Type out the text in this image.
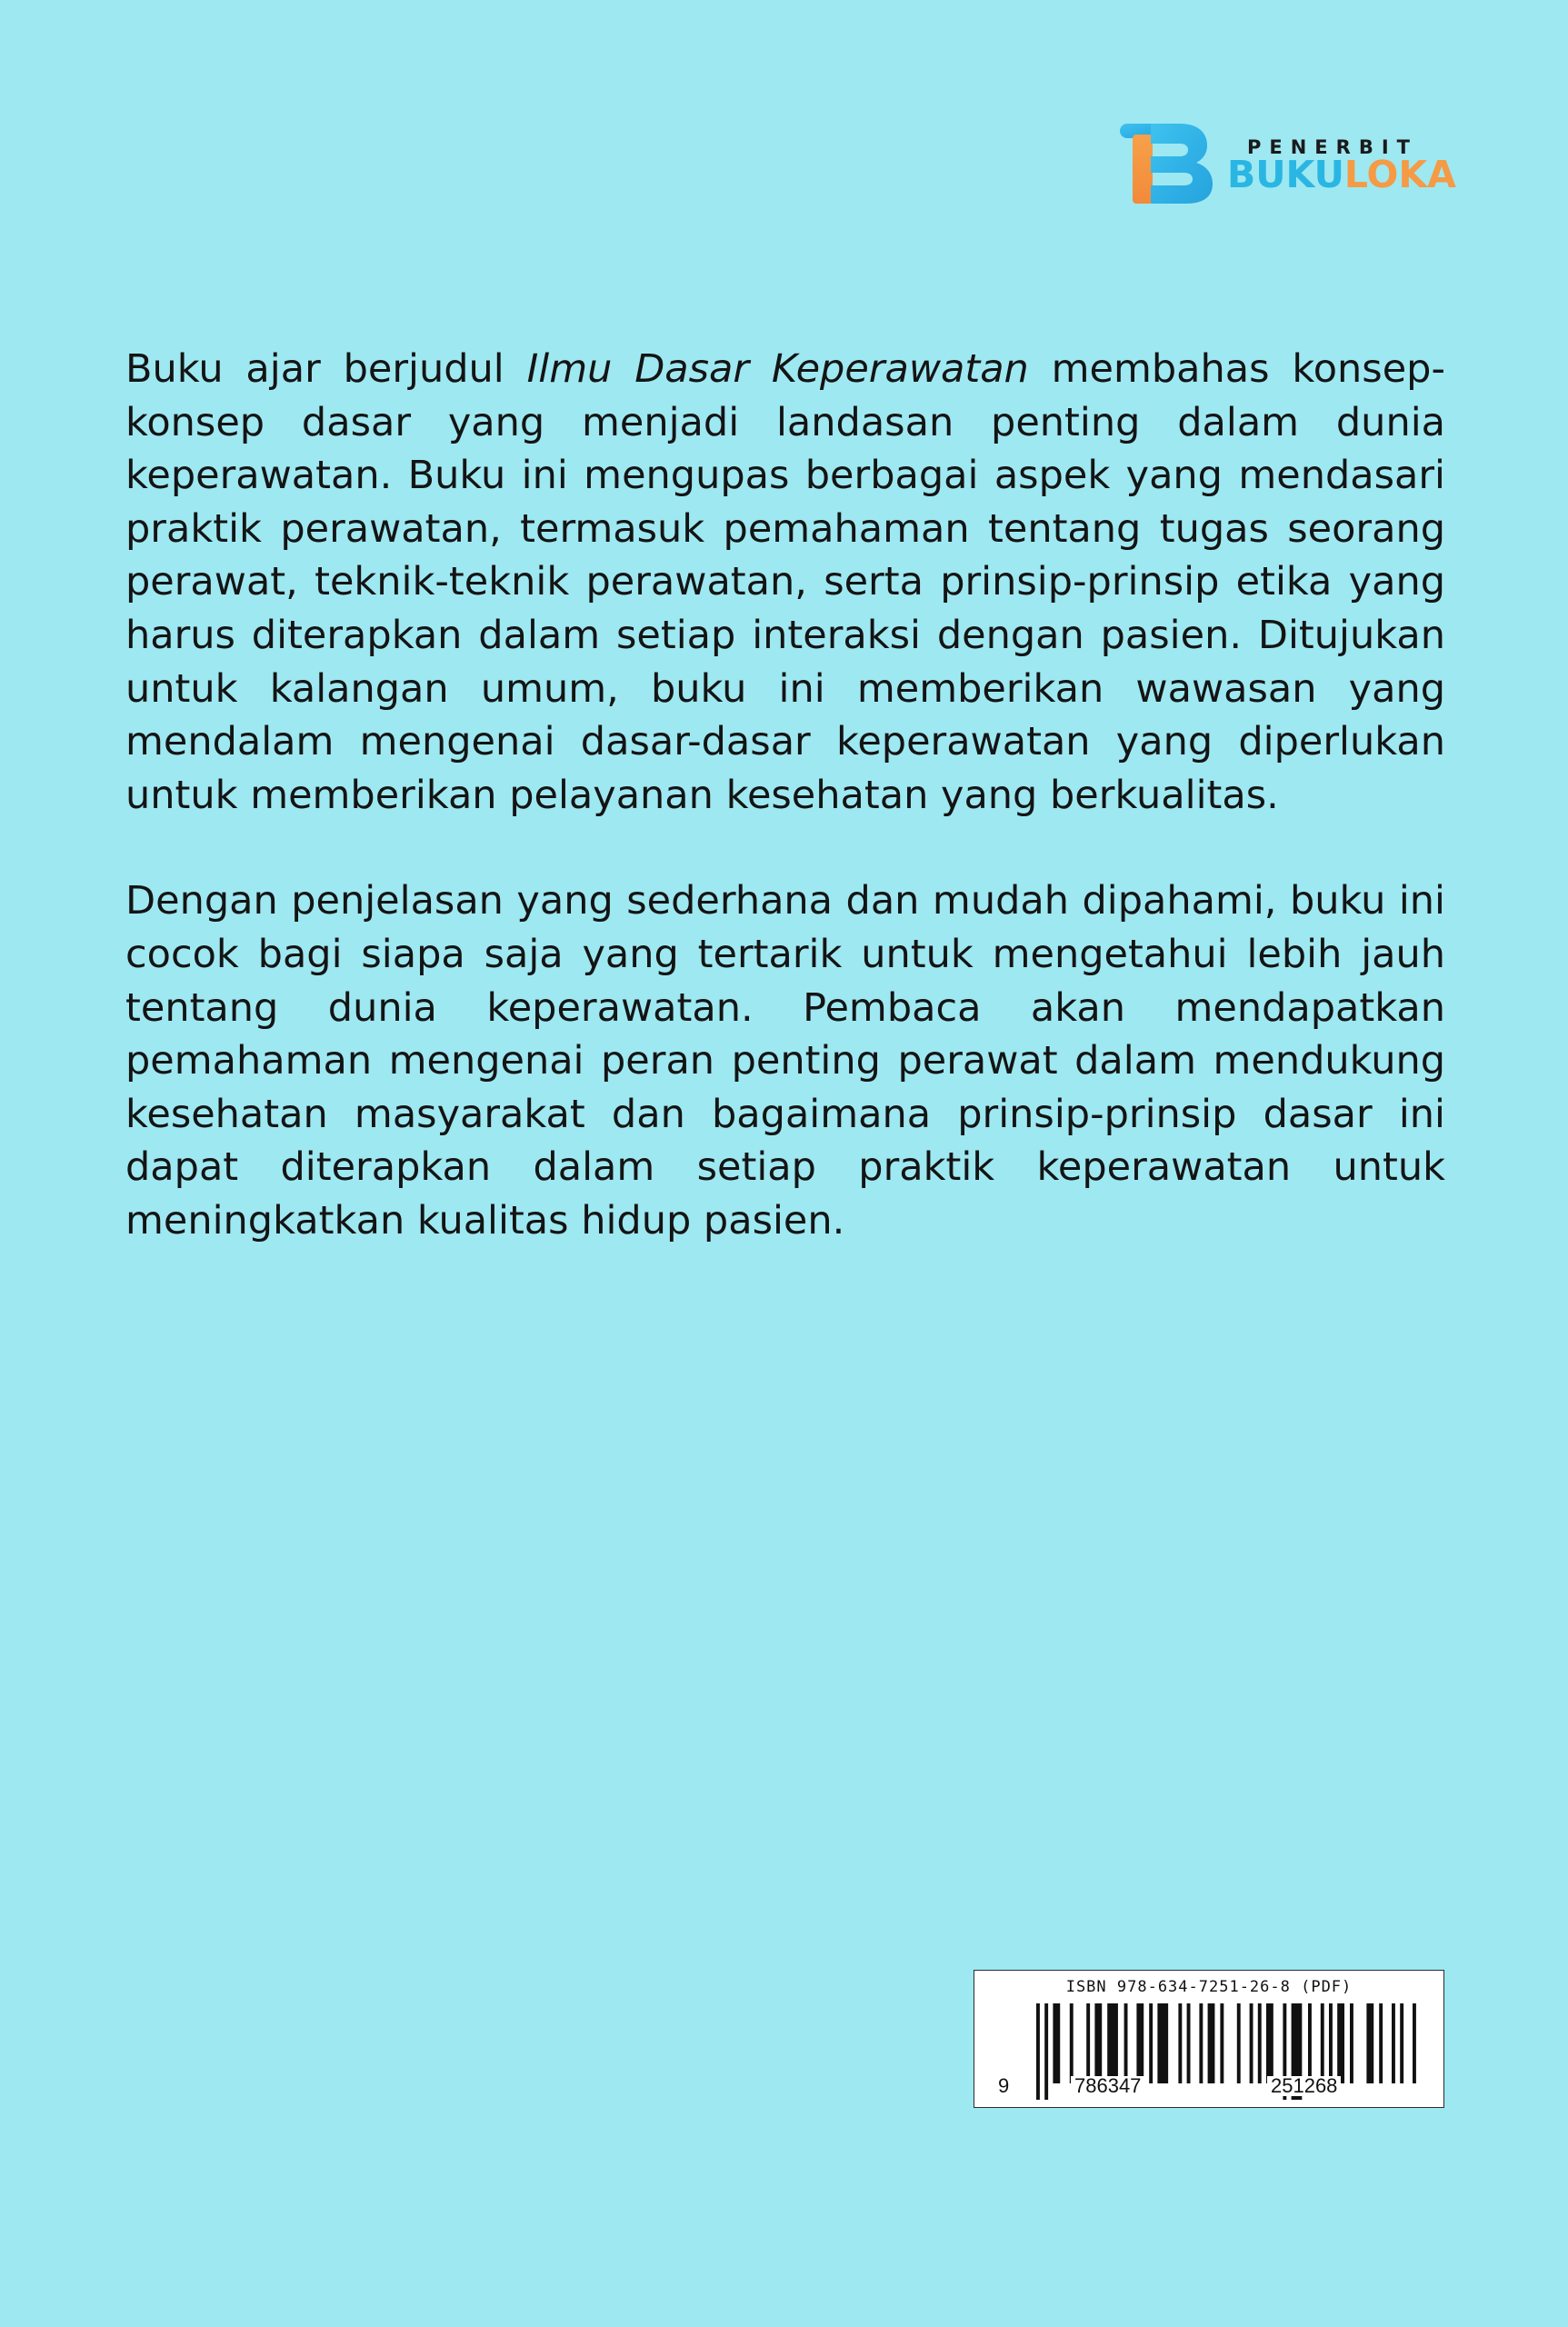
PENERBIT
BUKULOKA

Buku ajar berjudul Ilmu Dasar Keperawatan membahas konsep-konsep dasar yang menjadi landasan penting dalam dunia keperawatan. Buku ini mengupas berbagai aspek yang mendasari praktik perawatan, termasuk pemahaman tentang tugas seorang perawat, teknik-teknik perawatan, serta prinsip-prinsip etika yang harus diterapkan dalam setiap interaksi dengan pasien. Ditujukan untuk kalangan umum, buku ini memberikan wawasan yang mendalam mengenai dasar-dasar keperawatan yang diperlukan untuk memberikan pelayanan kesehatan yang berkualitas.

Dengan penjelasan yang sederhana dan mudah dipahami, buku ini cocok bagi siapa saja yang tertarik untuk mengetahui lebih jauh tentang dunia keperawatan. Pembaca akan mendapatkan pemahaman mengenai peran penting perawat dalam mendukung kesehatan masyarakat dan bagaimana prinsip-prinsip dasar ini dapat diterapkan dalam setiap praktik keperawatan untuk meningkatkan kualitas hidup pasien.

ISBN 978-634-7251-26-8 (PDF)
9	786347	251268
